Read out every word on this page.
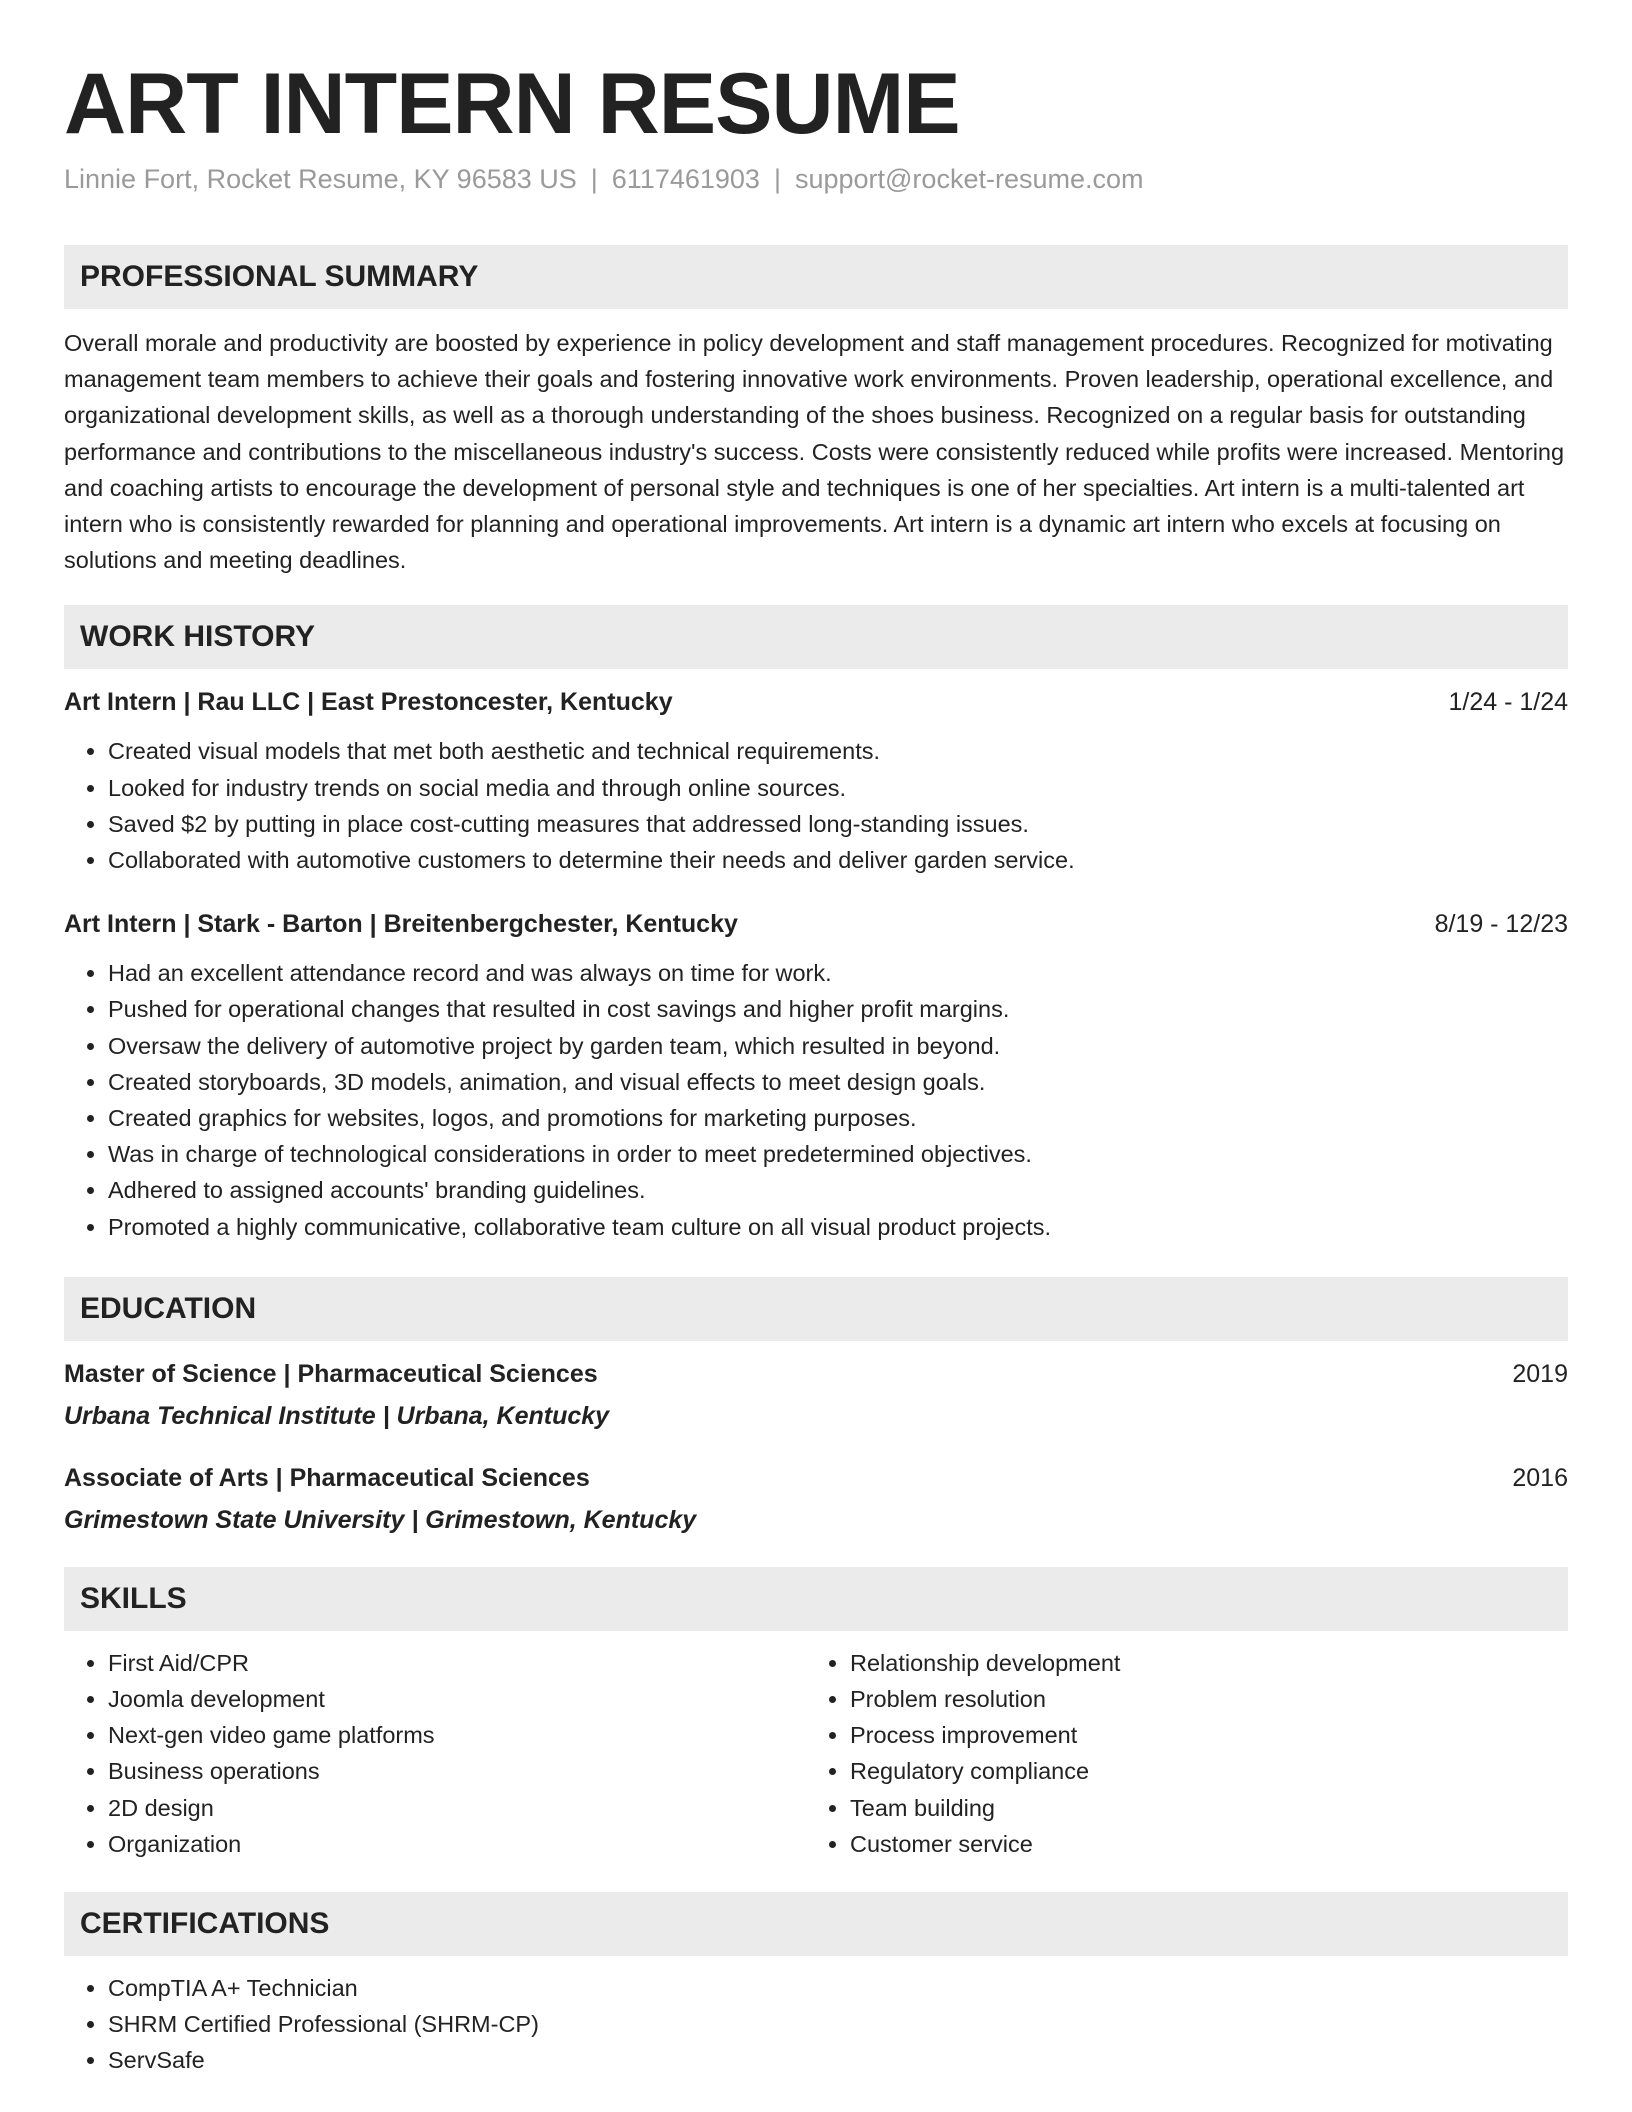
ART INTERN RESUME
Linnie Fort, Rocket Resume, KY 96583 US | 6117461903 | support@rocket-resume.com
PROFESSIONAL SUMMARY

Overall morale and productivity are boosted by experience in policy development and staff management procedures. Recognized for motivating management team members to achieve their goals and fostering innovative work environments. Proven leadership, operational excellence, and organizational development skills, as well as a thorough understanding of the shoes business. Recognized on a regular basis for outstanding performance and contributions to the miscellaneous industry's success. Costs were consistently reduced while profits were increased. Mentoring and coaching artists to encourage the development of personal style and techniques is one of her specialties. Art intern is a multi-talented art intern who is consistently rewarded for planning and operational improvements. Art intern is a dynamic art intern who excels at focusing on solutions and meeting deadlines.

WORK HISTORY
Art Intern | Rau LLC | East Prestoncester, Kentucky	1/24 - 1/24
• Created visual models that met both aesthetic and technical requirements.
• Looked for industry trends on social media and through online sources.
• Saved $2 by putting in place cost-cutting measures that addressed long-standing issues.
• Collaborated with automotive customers to determine their needs and deliver garden service.
Art Intern | Stark - Barton | Breitenbergchester, Kentucky	8/19 - 12/23
• Had an excellent attendance record and was always on time for work.
• Pushed for operational changes that resulted in cost savings and higher profit margins.
• Oversaw the delivery of automotive project by garden team, which resulted in beyond.
• Created storyboards, 3D models, animation, and visual effects to meet design goals.
• Created graphics for websites, logos, and promotions for marketing purposes.
• Was in charge of technological considerations in order to meet predetermined objectives.
• Adhered to assigned accounts' branding guidelines.
• Promoted a highly communicative, collaborative team culture on all visual product projects.
EDUCATION
Master of Science | Pharmaceutical Sciences	2019
Urbana Technical Institute | Urbana, Kentucky
Associate of Arts | Pharmaceutical Sciences	2016
Grimestown State University | Grimestown, Kentucky
SKILLS
• First Aid/CPR
• Joomla development
• Next-gen video game platforms
• Business operations
• 2D design
• Organization
• Relationship development
• Problem resolution
• Process improvement
• Regulatory compliance
• Team building
• Customer service
CERTIFICATIONS
• CompTIA A+ Technician
• SHRM Certified Professional (SHRM-CP)
• ServSafe
